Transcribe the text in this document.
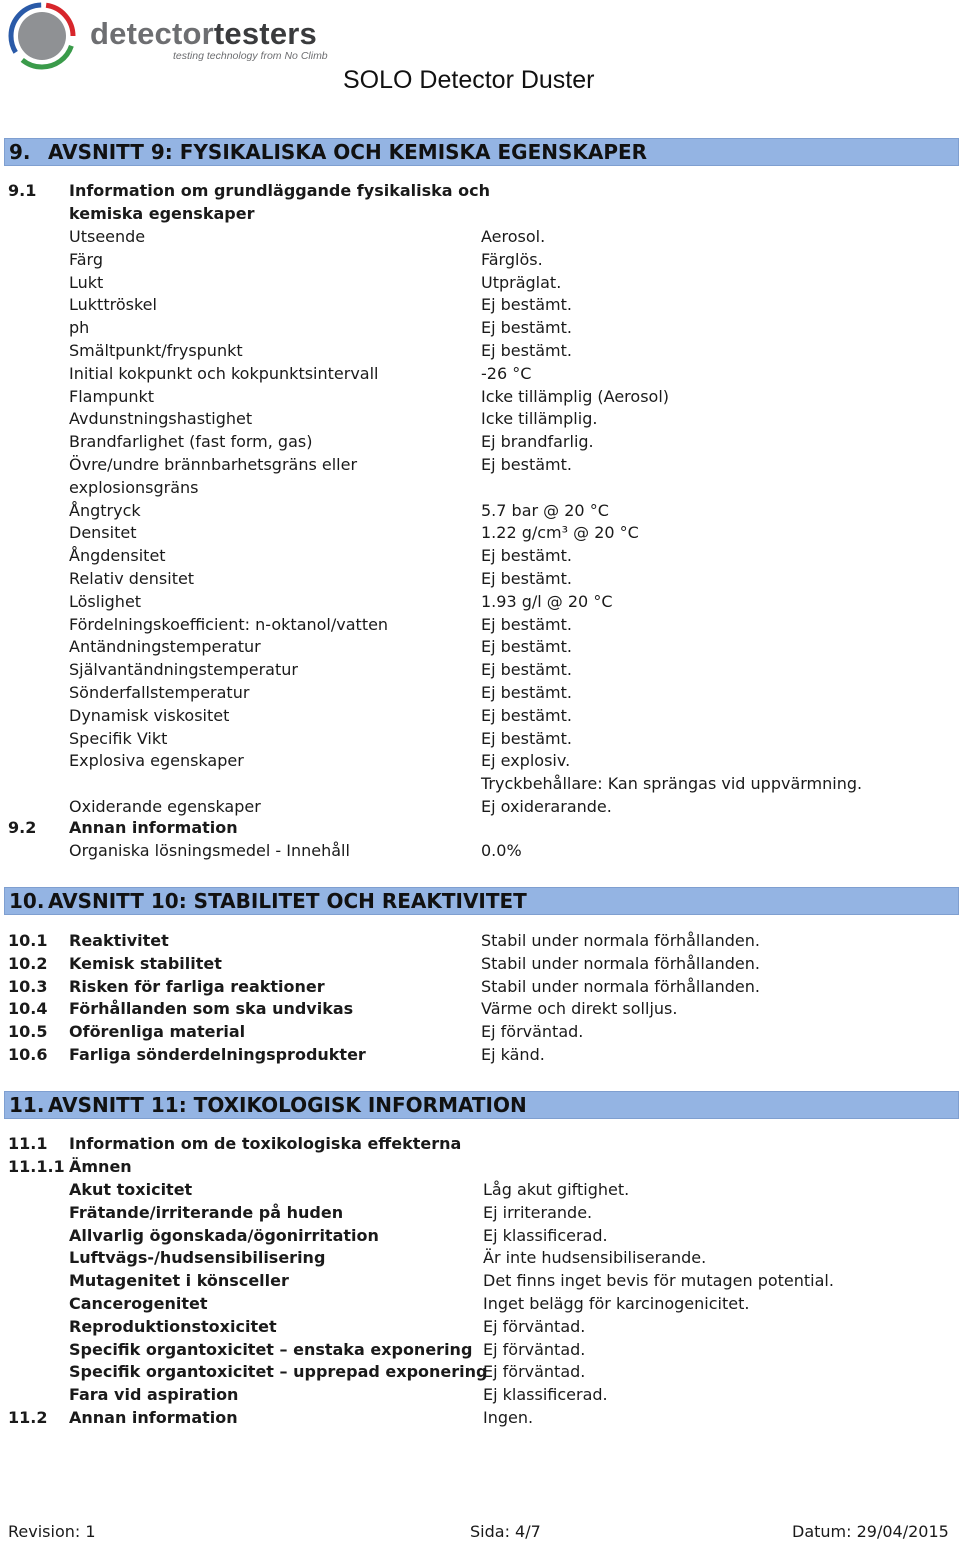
detectortesters
testing technology from No Climb
SOLO Detector Duster
9. AVSNITT 9: FYSIKALISKA OCH KEMISKA EGENSKAPER
9.1 Information om grundläggande fysikaliska och
kemiska egenskaper
Utseende	Aerosol.
Färg	Färglös.
Lukt	Utpräglat.
Lukttröskel	Ej bestämt.
ph	Ej bestämt.
Smältpunkt/fryspunkt	Ej bestämt.
Initial kokpunkt och kokpunktsintervall	-26 °C
Flampunkt	Icke tillämplig (Aerosol)
Avdunstningshastighet	Icke tillämplig.
Brandfarlighet (fast form, gas)	Ej brandfarlig.
Övre/undre brännbarhetsgräns eller	Ej bestämt.
explosionsgräns
Ångtryck	5.7 bar @ 20 °C
Densitet	1.22 g/cm³ @ 20 °C
Ångdensitet	Ej bestämt.
Relativ densitet	Ej bestämt.
Löslighet	1.93 g/l @ 20 °C
Fördelningskoefficient: n-oktanol/vatten	Ej bestämt.
Antändningstemperatur	Ej bestämt.
Självantändningstemperatur	Ej bestämt.
Sönderfallstemperatur	Ej bestämt.
Dynamisk viskositet	Ej bestämt.
Specifik Vikt	Ej bestämt.
Explosiva egenskaper	Ej explosiv.
Tryckbehållare: Kan sprängas vid uppvärmning.
Oxiderande egenskaper	Ej oxiderarande.
9.2 Annan information
Organiska lösningsmedel - Innehåll	0.0%
10. AVSNITT 10: STABILITET OCH REAKTIVITET
10.1 Reaktivitet	Stabil under normala förhållanden.
10.2 Kemisk stabilitet	Stabil under normala förhållanden.
10.3 Risken för farliga reaktioner	Stabil under normala förhållanden.
10.4 Förhållanden som ska undvikas	Värme och direkt solljus.
10.5 Oförenliga material	Ej förväntad.
10.6 Farliga sönderdelningsprodukter	Ej känd.
11. AVSNITT 11: TOXIKOLOGISK INFORMATION
11.1 Information om de toxikologiska effekterna
11.1.1 Ämnen
Akut toxicitet	Låg akut giftighet.
Frätande/irriterande på huden	Ej irriterande.
Allvarlig ögonskada/ögonirritation	Ej klassificerad.
Luftvägs-/hudsensibilisering	Är inte hudsensibiliserande.
Mutagenitet i könsceller	Det finns inget bevis för mutagen potential.
Cancerogenitet	Inget belägg för karcinogenicitet.
Reproduktionstoxicitet	Ej förväntad.
Specifik organtoxicitet – enstaka exponering Ej förväntad.
Specifik organtoxicitet – upprepad exponering
Ej förväntad.
Fara vid aspiration	Ej klassificerad.
11.2 Annan information	Ingen.
Revision: 1	Sida: 4/7	Datum: 29/04/2015
